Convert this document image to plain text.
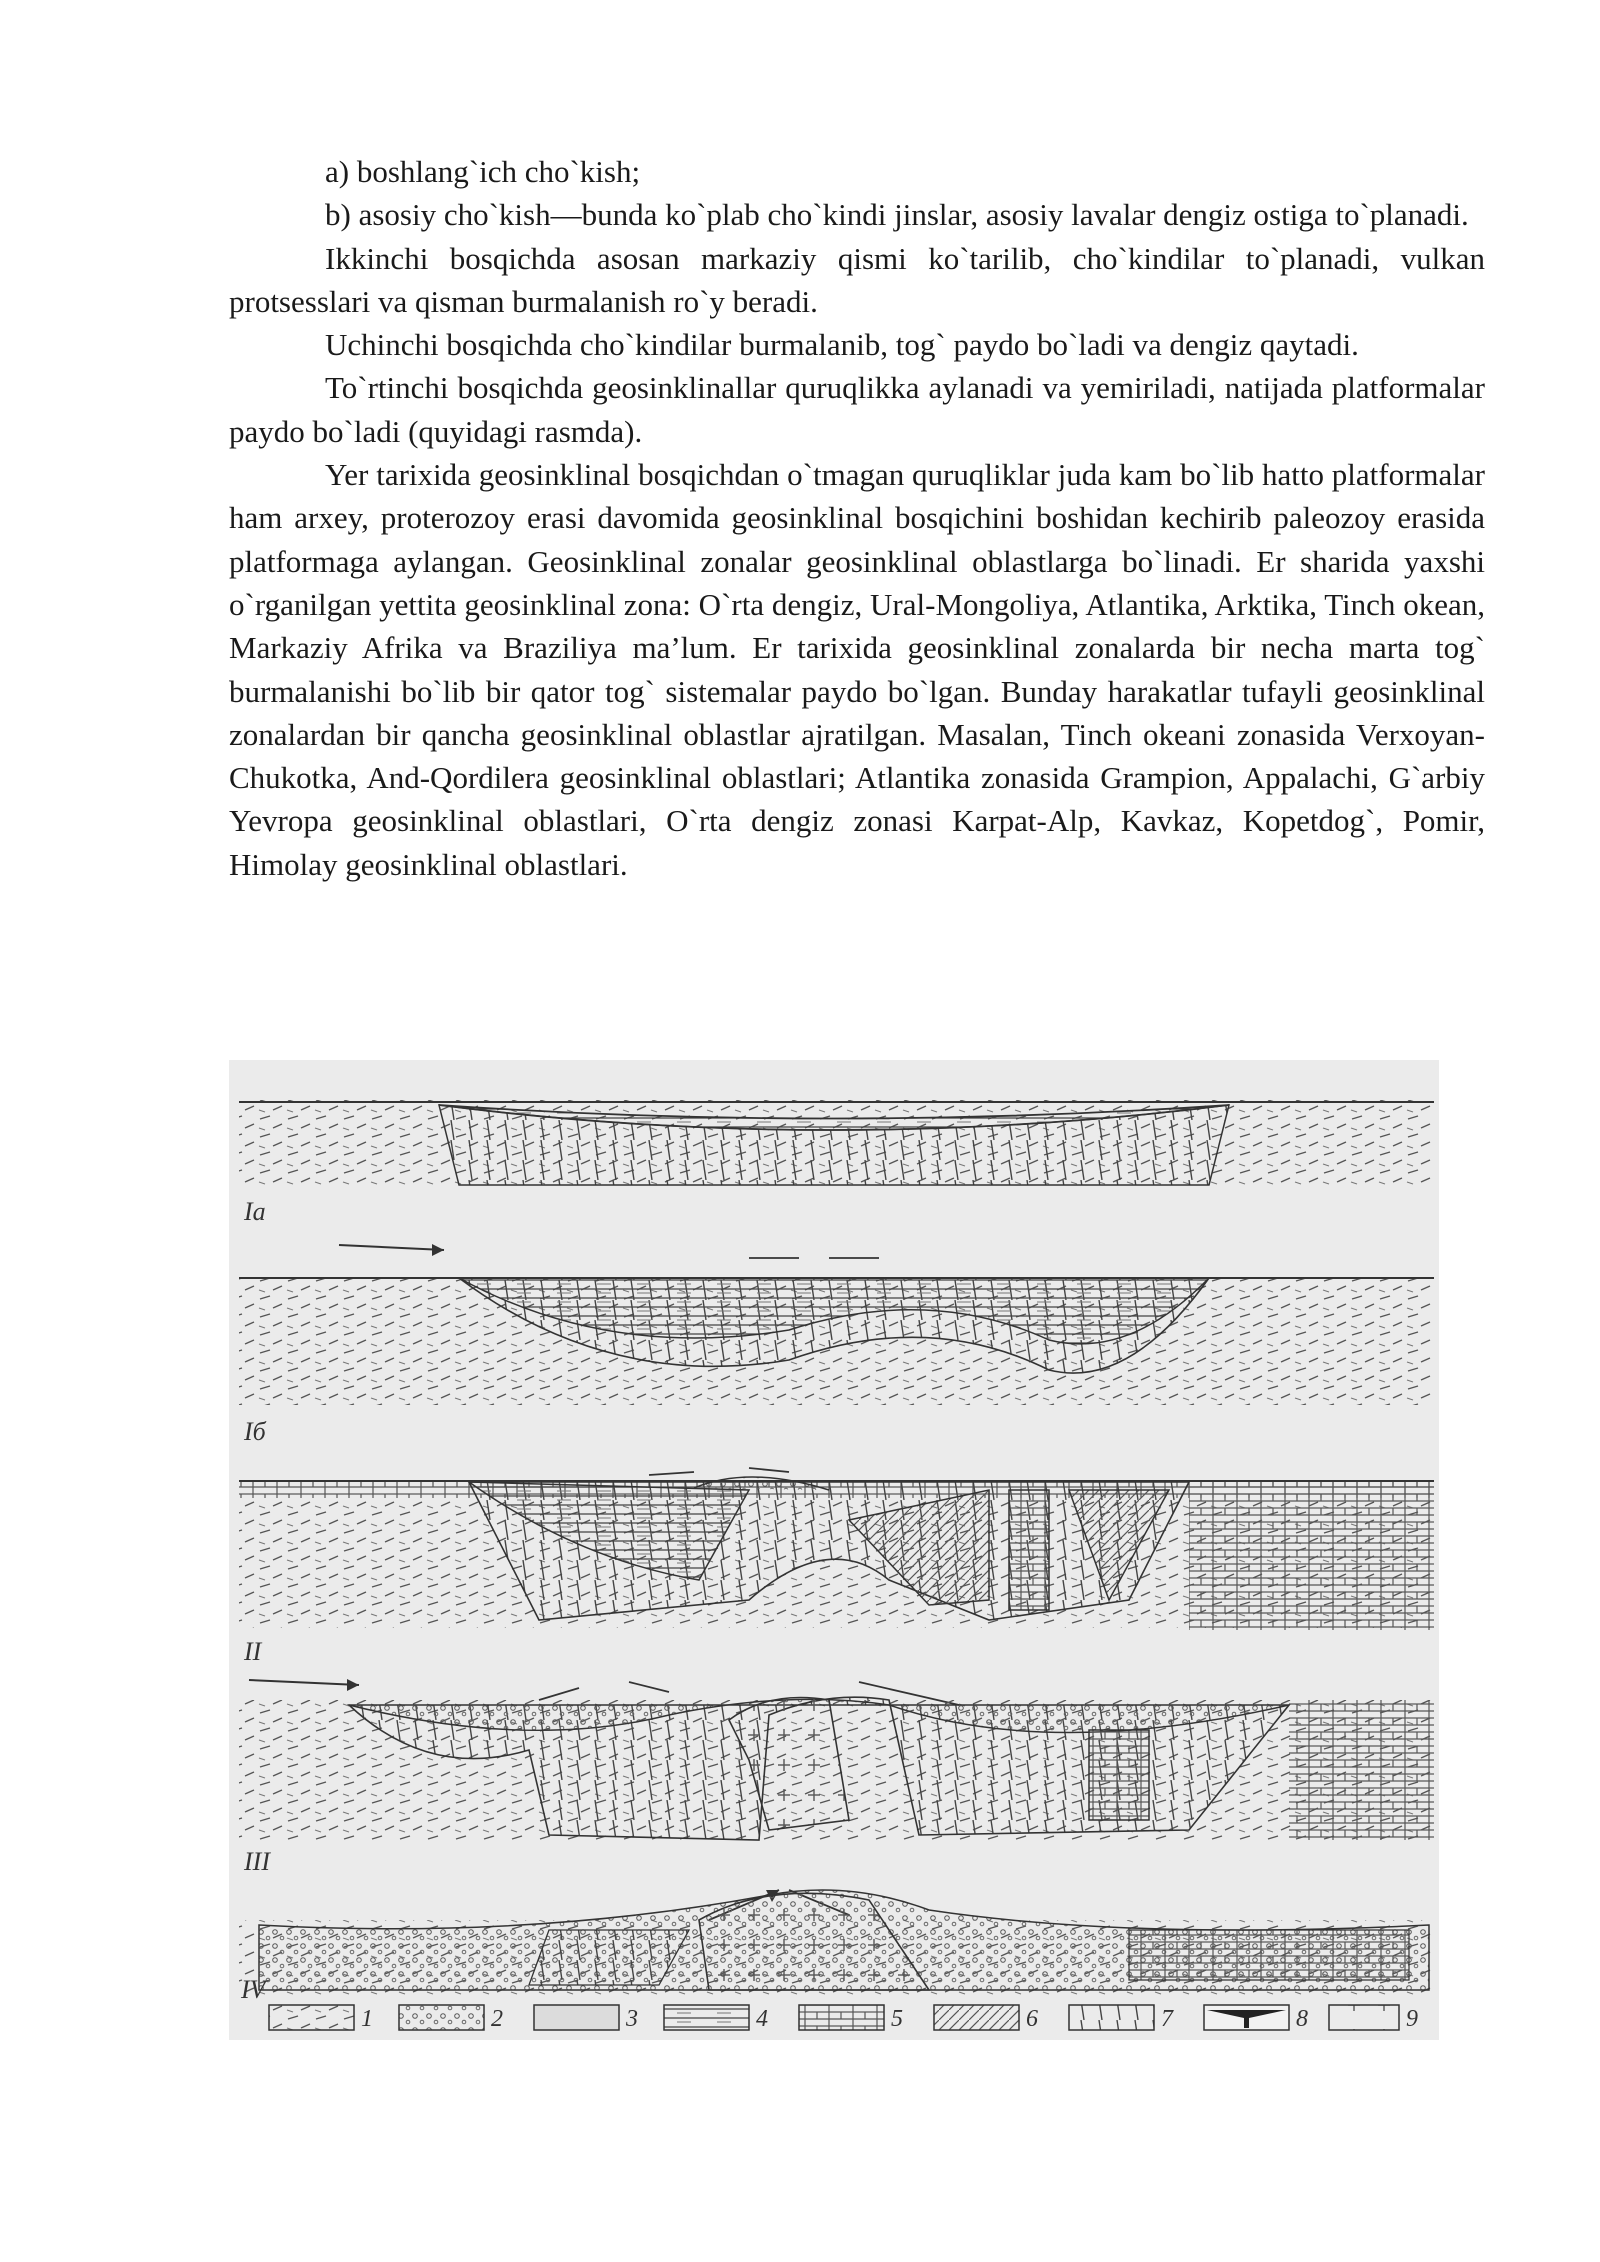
a) boshlang`ich cho`kish;

b) asosiy cho`kish—bunda ko`plab cho`kindi jinslar, asosiy lavalar dengiz ostiga to`planadi.

Ikkinchi bosqichda asosan markaziy qismi ko`tarilib, cho`kindilar to`planadi, vulkan protsesslari va qisman burmalanish ro`y beradi.

Uchinchi bosqichda cho`kindilar burmalanib, tog` paydo bo`ladi va dengiz qaytadi.

To`rtinchi bosqichda geosinklinallar quruqlikka aylanadi va yemiriladi, natijada platformalar paydo bo`ladi (quyidagi rasmda).

Yer tarixida geosinklinal bosqichdan o`tmagan quruqliklar juda kam bo`lib hatto platformalar ham arxey, proterozoy erasi davomida geosinklinal bosqichini boshidan kechirib paleozoy erasida platformaga aylangan. Geosinklinal zonalar geosinklinal oblastlarga bo`linadi. Er sharida yaxshi o`rganilgan yettita geosinklinal zona: O`rta dengiz, Ural-Mongoliya, Atlantika, Arktika, Tinch okean, Markaziy Afrika va Braziliya ma’lum. Er tarixida geosinklinal zonalarda bir necha marta tog` burmalanishi bo`lib bir qator tog` sistemalar paydo bo`lgan. Bunday harakatlar tufayli geosinklinal zonalardan bir qancha geosinklinal oblastlar ajratilgan. Masalan, Tinch okeani zonasida Verxoyan-Chukotka, And-Qordilera geosinklinal oblastlari; Atlantika zonasida Grampion, Appalachi, G`arbiy Yevropa geosinklinal oblastlari, O`rta dengiz zonasi Karpat-Alp, Kavkaz, Kopetdog`, Pomir, Himolay geosinklinal oblastlari.

Ia
Iб
II
III
IV
1	2	3	4	5	6	7	8	9
